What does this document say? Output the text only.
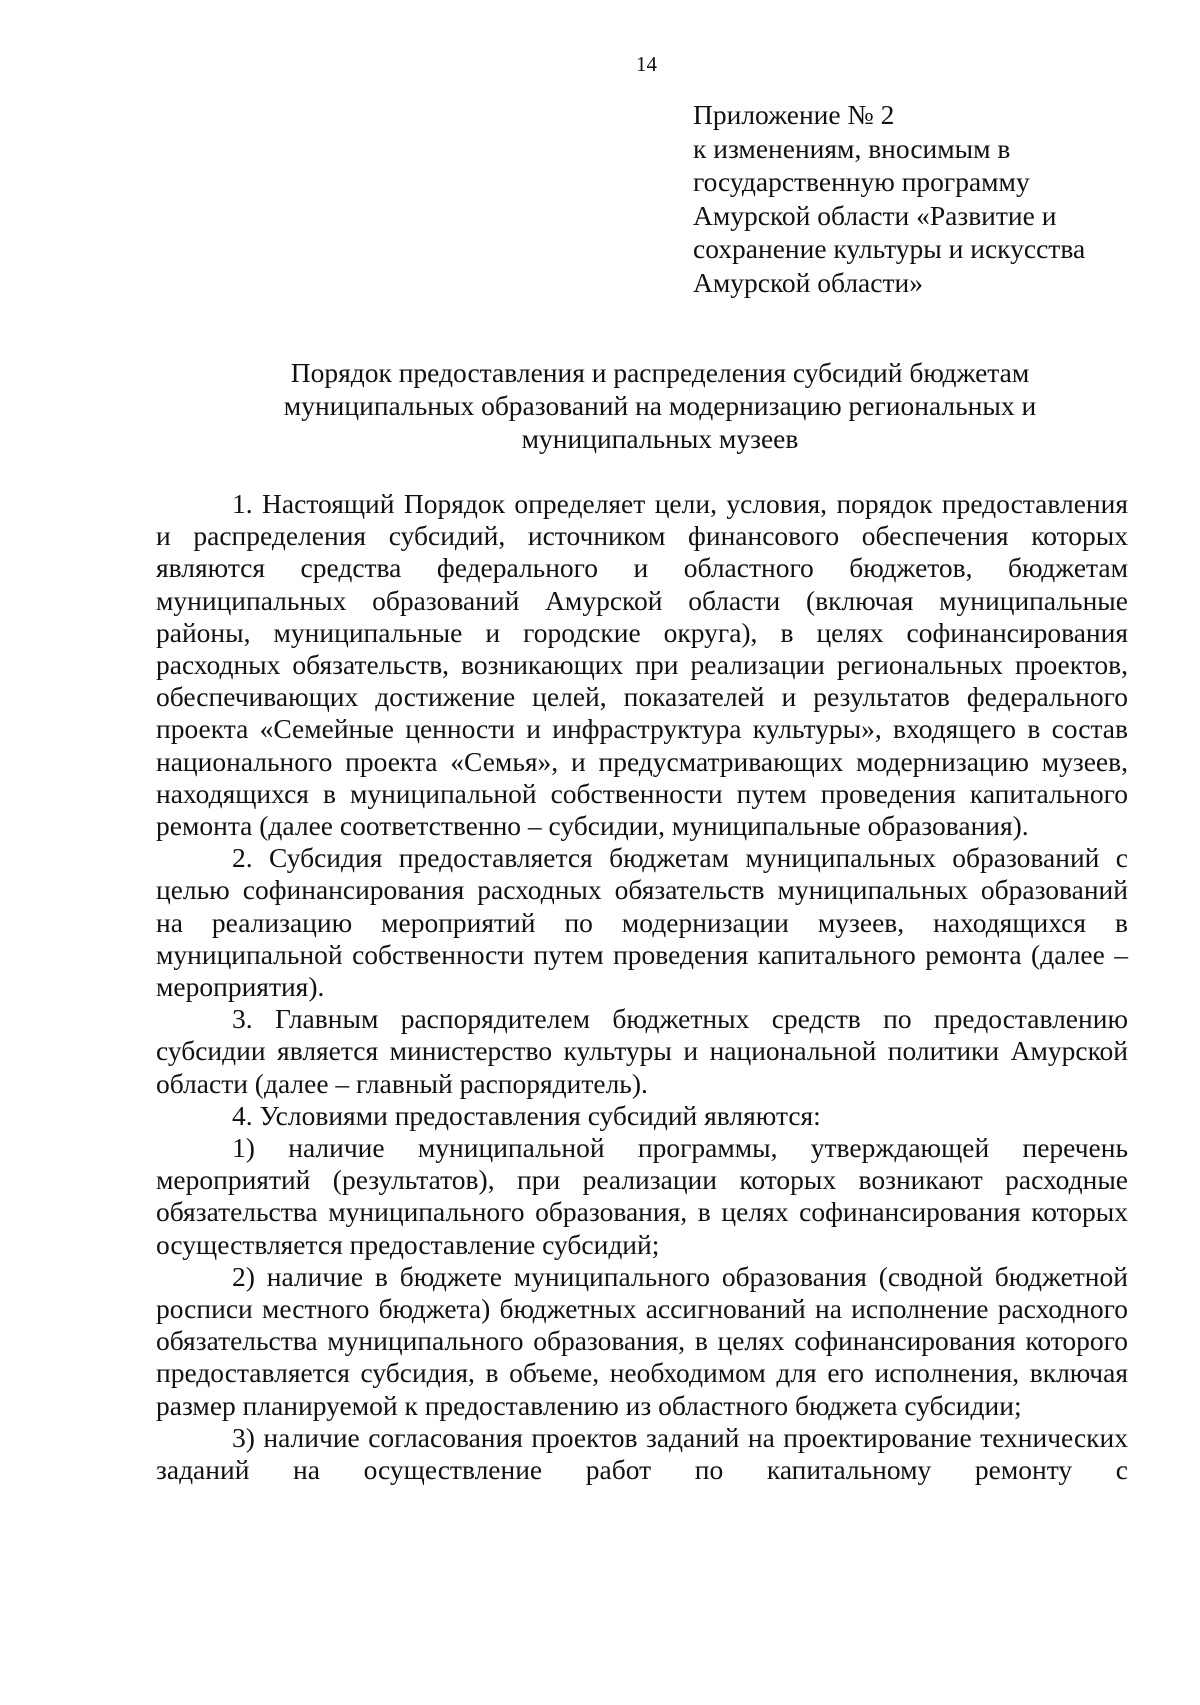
14
Приложение № 2
к изменениям, вносимым в
государственную программу
Амурской области «Развитие и
сохранение культуры и искусства
Амурской области»
Порядок предоставления и распределения субсидий бюджетам
муниципальных образований на модернизацию региональных и
муниципальных музеев

1. Настоящий Порядок определяет цели, условия, порядок предоставления и распределения субсидий, источником финансового обеспечения которых являются средства федерального и областного бюджетов, бюджетам муниципальных образований Амурской области (включая муниципальные районы, муниципальные и городские округа), в целях софинансирования расходных обязательств, возникающих при реализации региональных проектов, обеспечивающих достижение целей, показателей и результатов федерального проекта «Семейные ценности и инфраструктура культуры», входящего в состав национального проекта «Семья», и предусматривающих модернизацию музеев, находящихся в муниципальной собственности путем проведения капитального ремонта (далее соответственно – субсидии, муниципальные образования).

2. Субсидия предоставляется бюджетам муниципальных образований с целью софинансирования расходных обязательств муниципальных образований на реализацию мероприятий по модернизации музеев, находящихся в муниципальной собственности путем проведения капитального ремонта (далее – мероприятия).

3. Главным распорядителем бюджетных средств по предоставлению субсидии является министерство культуры и национальной политики Амурской области (далее – главный распорядитель).

4. Условиями предоставления субсидий являются:

1) наличие муниципальной программы, утверждающей перечень мероприятий (результатов), при реализации которых возникают расходные обязательства муниципального образования, в целях софинансирования которых осуществляется предоставление субсидий;

2) наличие в бюджете муниципального образования (сводной бюджетной росписи местного бюджета) бюджетных ассигнований на исполнение расходного обязательства муниципального образования, в целях софинансирования которого предоставляется субсидия, в объеме, необходимом для его исполнения, включая размер планируемой к предоставлению из областного бюджета субсидии;

3) наличие согласования проектов заданий на проектирование технических заданий на осуществление работ по капитальному ремонту с
